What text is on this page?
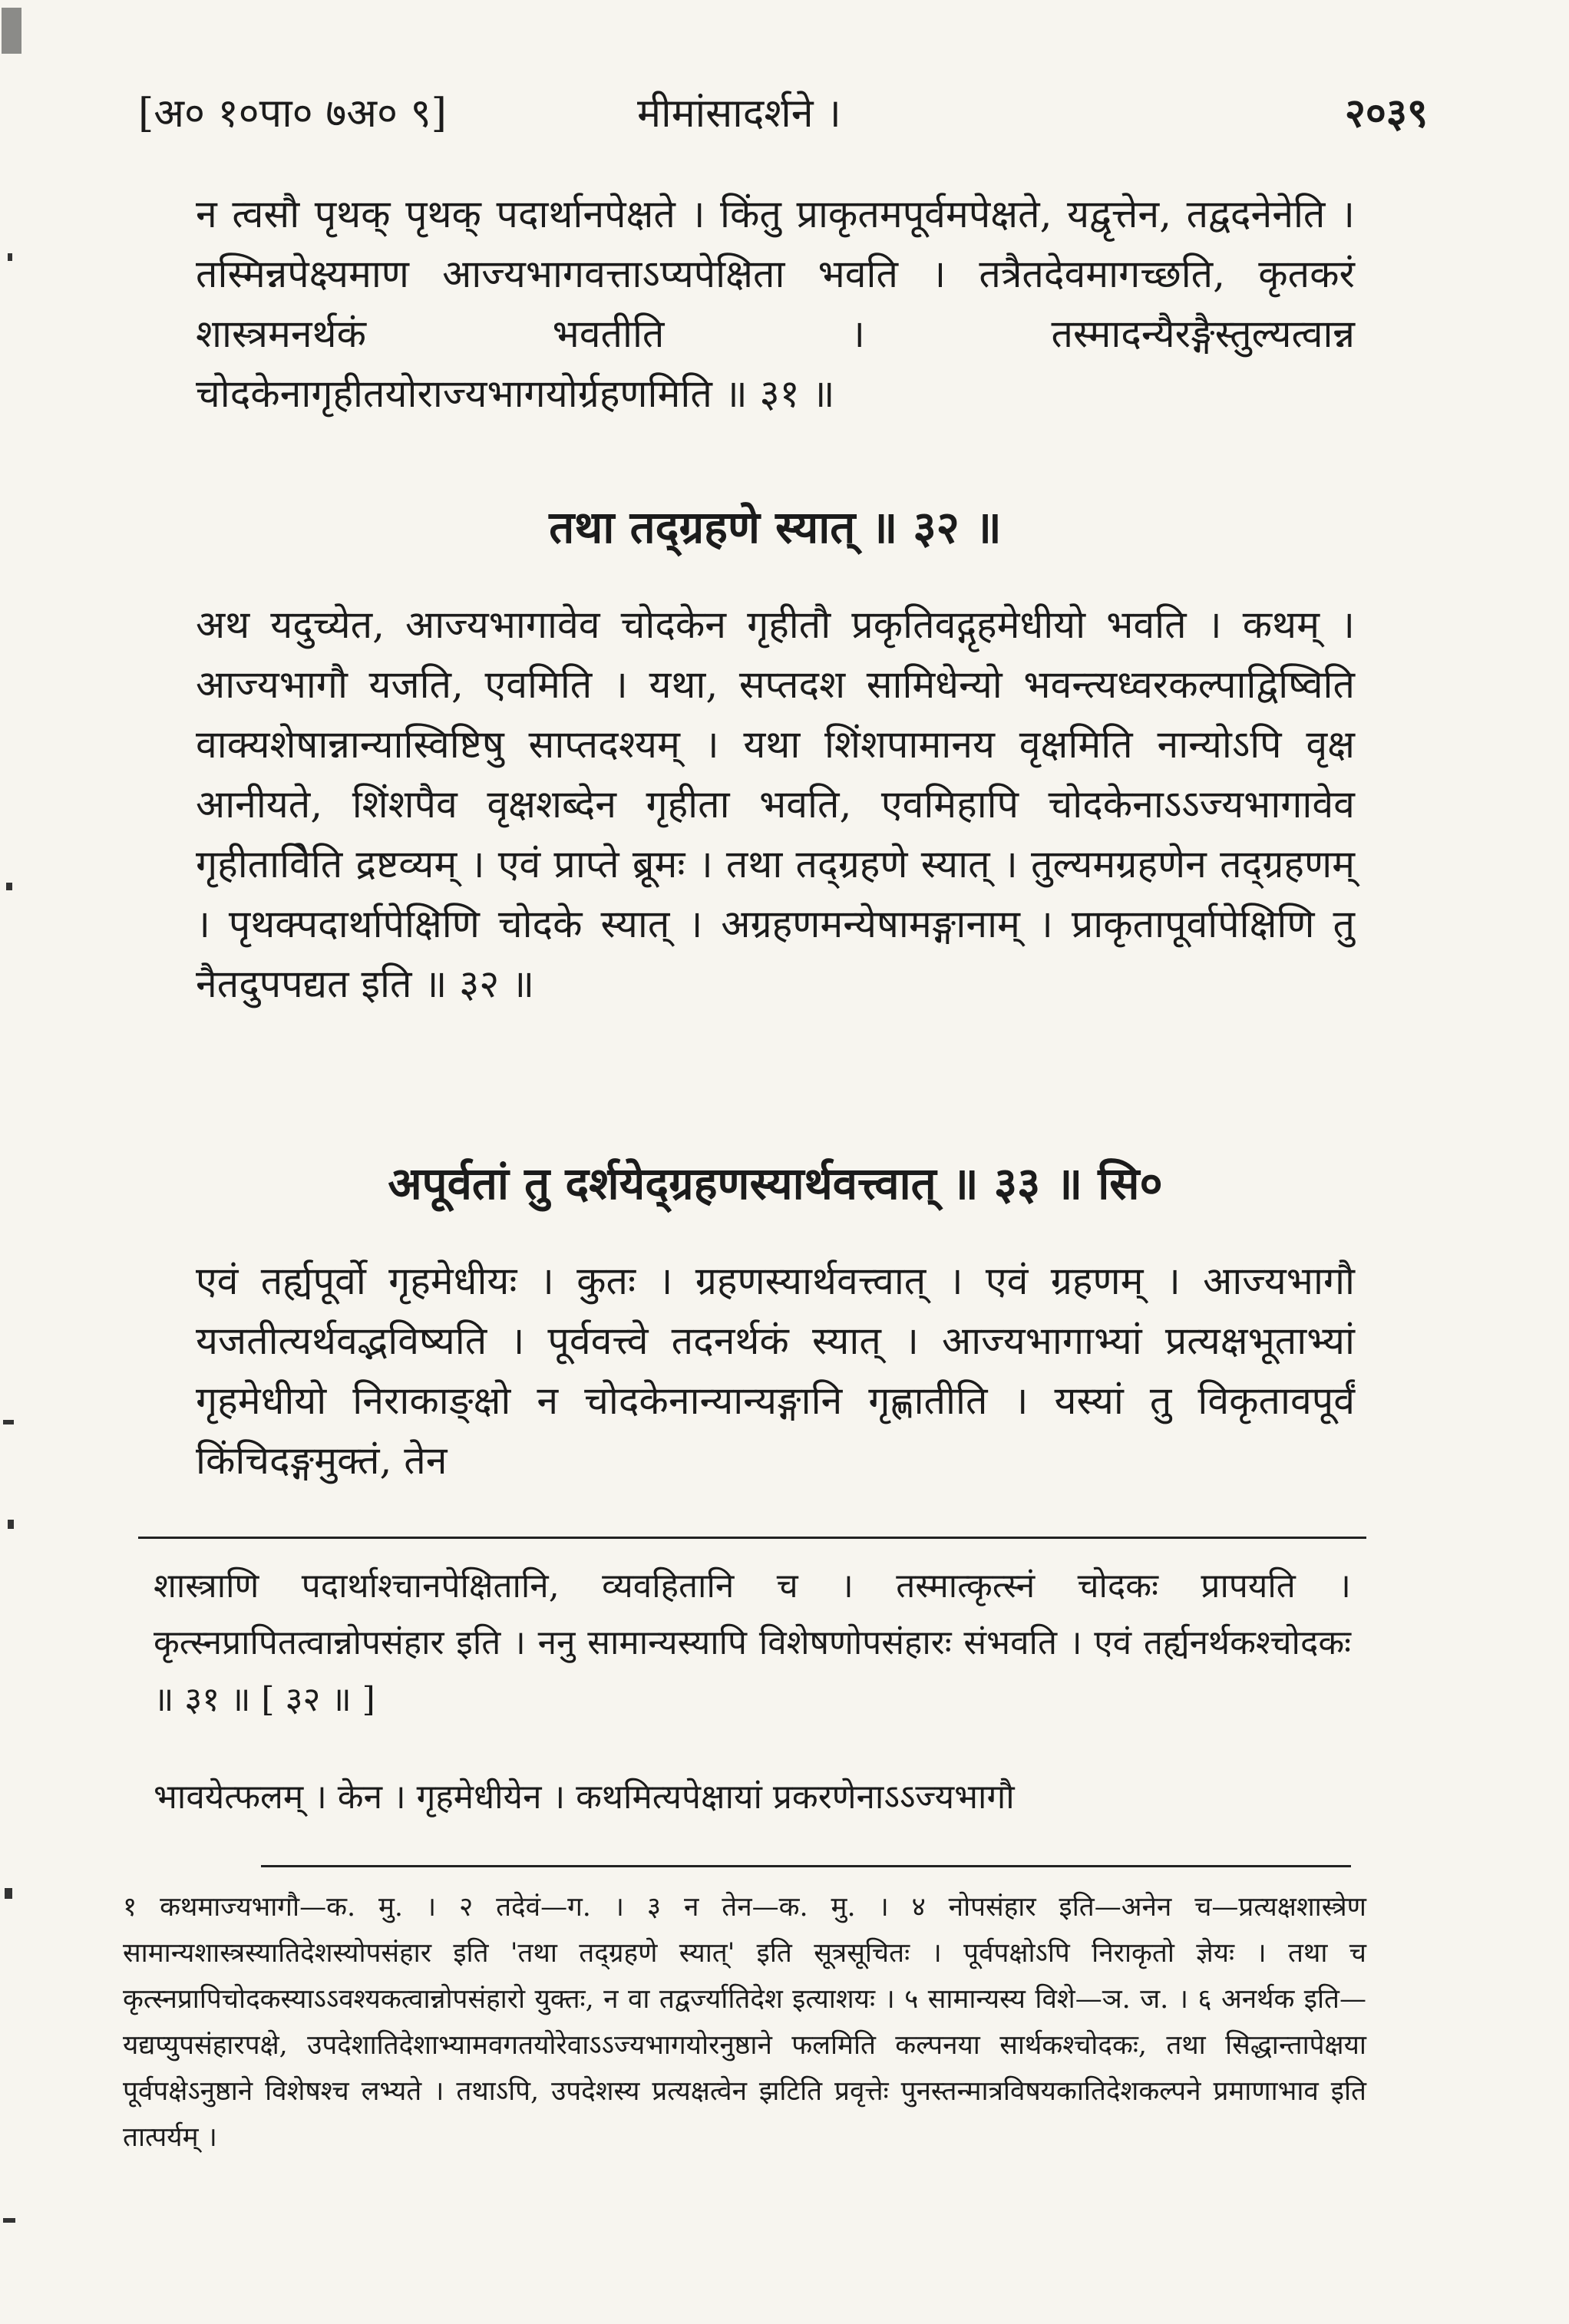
[अ० १०पा० ७अ० ९]	मीमांसादर्शने ।	२०३९

न त्वसौ पृथक् पृथक् पदार्थानपेक्षते । किंतु प्राकृतमपूर्वमपेक्षते, यद्वृत्तेन, तद्वदनेनेति । तस्मिन्नपेक्ष्यमाण आज्यभागवत्ताऽप्यपेक्षिता भवति । तत्रैतदेवमागच्छति, कृतकरं शास्त्रमनर्थकं भवतीति । तस्मादन्यैरङ्गैस्तुल्यत्वान्न चोदकेनागृहीतयोराज्यभागयोर्ग्रहणमिति ॥ ३१ ॥

तथा तद्ग्रहणे स्यात् ॥ ३२ ॥

अथ यदुच्येत, आज्यभागावेव चोदकेन गृहीतौ प्रकृतिवद्गृहमेधीयो भवति । कथम् । आज्यभागौ यजति, एवमिति । यथा, सप्तदश सामिधेन्यो भवन्त्यध्वरकल्पाद्विष्विति वाक्यशेषान्नान्यास्विष्टिषु साप्तदश्यम् । यथा शिंशपामानय वृक्षमिति नान्योऽपि वृक्ष आनीयते, शिंशपैव वृक्षशब्देन गृहीता भवति, एवमिहापि चोदकेनाऽऽज्यभागावेव गृहीतावेिति द्रष्टव्यम् । एवं प्राप्ते ब्रूमः । तथा तद्ग्रहणे स्यात् । तुल्यमग्रहणेन तद्ग्रहणम् । पृथक्पदार्थापेक्षिणि चोदके स्यात् । अग्रहणमन्येषामङ्गानाम् । प्राकृतापूर्वापेक्षिणि तु नैतदुपपद्यत इति ॥ ३२ ॥

अपूर्वतां तु दर्शयेद्ग्रहणस्यार्थवत्त्वात् ॥ ३३ ॥ सि०

एवं तर्ह्यपूर्वो गृहमेधीयः । कुतः । ग्रहणस्यार्थवत्त्वात् । एवं ग्रहणम् । आज्यभागौ यजतीत्यर्थवद्भविष्यति । पूर्ववत्त्वे तदनर्थकं स्यात् । आज्यभागाभ्यां प्रत्यक्षभूताभ्यां गृहमेधीयो निराकाङ्क्षो न चोदकेनान्यान्यङ्गानि गृह्णातीति । यस्यां तु विकृतावपूर्वं किंचिदङ्गमुक्तं, तेन

शास्त्राणि पदार्थाश्चानपेक्षितानि, व्यवहितानि च । तस्मात्कृत्स्नं चोदकः प्रापयति । कृत्स्नप्रापितत्वान्नोपसंहार इति । ननु सामान्यस्यापि विशेषणोपसंहारः संभवति । एवं तर्ह्यनर्थकश्चोदकः ॥ ३१ ॥ [ ३२ ॥ ]

भावयेत्फलम् । केन । गृहमेधीयेन । कथमित्यपेक्षायां प्रकरणेनाऽऽज्यभागौ

१ कथमाज्यभागौ—क. मु. । २ तदेवं—ग. । ३ न तेन—क. मु. । ४ नोपसंहार इति—अनेन च—प्रत्यक्षशास्त्रेण सामान्यशास्त्रस्यातिदेशस्योपसंहार इति 'तथा तद्ग्रहणे स्यात्' इति सूत्रसूचितः । पूर्वपक्षोऽपि निराकृतो ज्ञेयः । तथा च कृत्स्नप्रापिचोदकस्याऽऽवश्यकत्वान्नोपसंहारो युक्तः, न वा तद्वर्ज्यातिदेश इत्याशयः । ५ सामान्यस्य विशे—ञ. ज. । ६ अनर्थक इति—यद्यप्युपसंहारपक्षे, उपदेशातिदेशाभ्यामवगतयोरेवाऽऽज्यभागयोरनुष्ठाने फलमिति कल्पनया सार्थकश्चोदकः, तथा सिद्धान्तापेक्षया पूर्वपक्षेऽनुष्ठाने विशेषश्च लभ्यते । तथाऽपि, उपदेशस्य प्रत्यक्षत्वेन झटिति प्रवृत्तेः पुनस्तन्मात्रविषयकातिदेशकल्पने प्रमाणाभाव इति तात्पर्यम् ।
